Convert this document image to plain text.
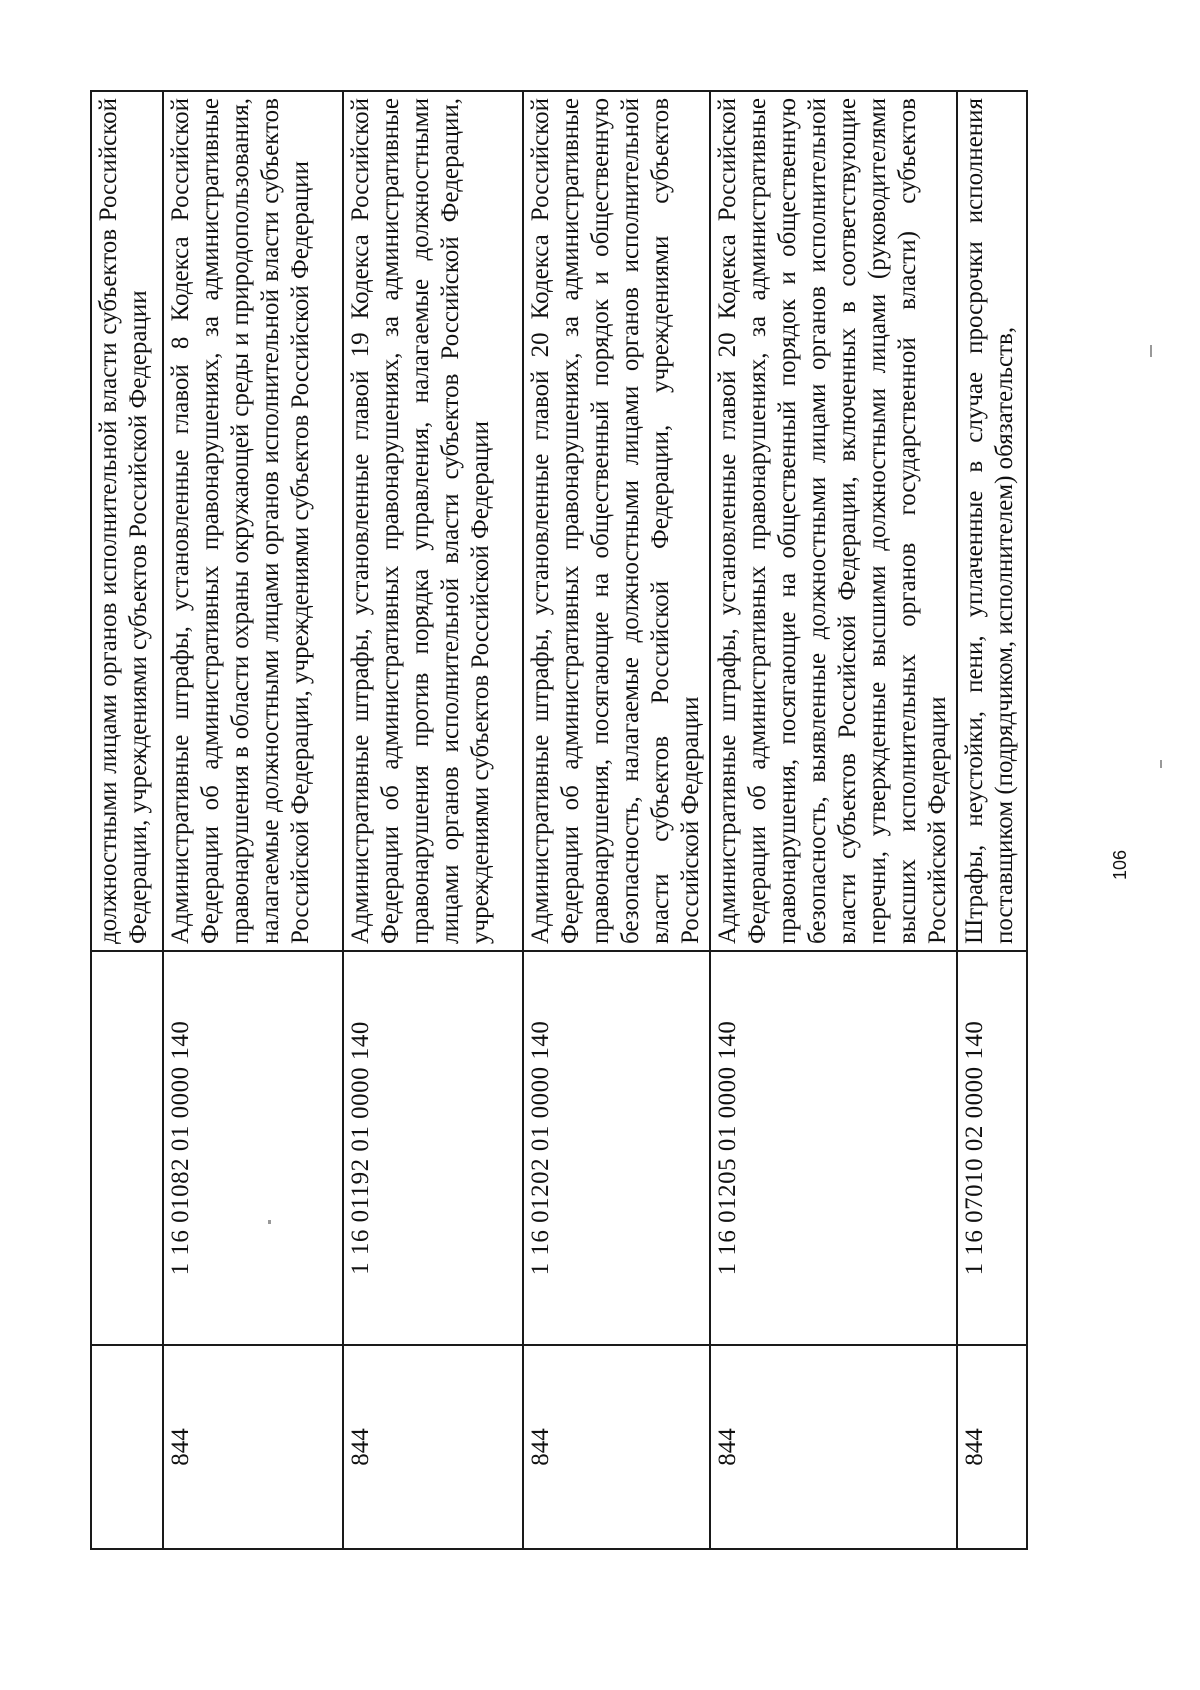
		должностными лицами органов исполнительной власти субъектов Российской Федерации, учреждениями субъектов Российской Федерации
844	1 16 01082 01 0000 140	Административные штрафы, установленные главой 8 Кодекса Российской Федерации об административных правонарушениях, за административные правонарушения в области охраны окружающей среды и природопользования, налагаемые должностными лицами органов исполнительной власти субъектов Российской Федерации, учреждениями субъектов Российской Федерации
844	1 16 01192 01 0000 140	Административные штрафы, установленные главой 19 Кодекса Российской Федерации об административных правонарушениях, за административные правонарушения против порядка управления, налагаемые должностными лицами органов исполнительной власти субъектов Российской Федерации, учреждениями субъектов Российской Федерации
844	1 16 01202 01 0000 140	Административные штрафы, установленные главой 20 Кодекса Российской Федерации об административных правонарушениях, за административные правонарушения, посягающие на общественный порядок и общественную безопасность, налагаемые должностными лицами органов исполнительной власти субъектов Российской Федерации, учреждениями субъектов Российской Федерации
844	1 16 01205 01 0000 140	Административные штрафы, установленные главой 20 Кодекса Российской Федерации об административных правонарушениях, за административные правонарушения, посягающие на общественный порядок и общественную безопасность, выявленные должностными лицами органов исполнительной власти субъектов Российской Федерации, включенных в соответствующие перечни, утвержденные высшими должностными лицами (руководителями высших исполнительных органов государственной власти) субъектов Российской Федерации
844	1 16 07010 02 0000 140	Штрафы, неустойки, пени, уплаченные в случае просрочки исполнения поставщиком (подрядчиком, исполнителем) обязательств,	106
